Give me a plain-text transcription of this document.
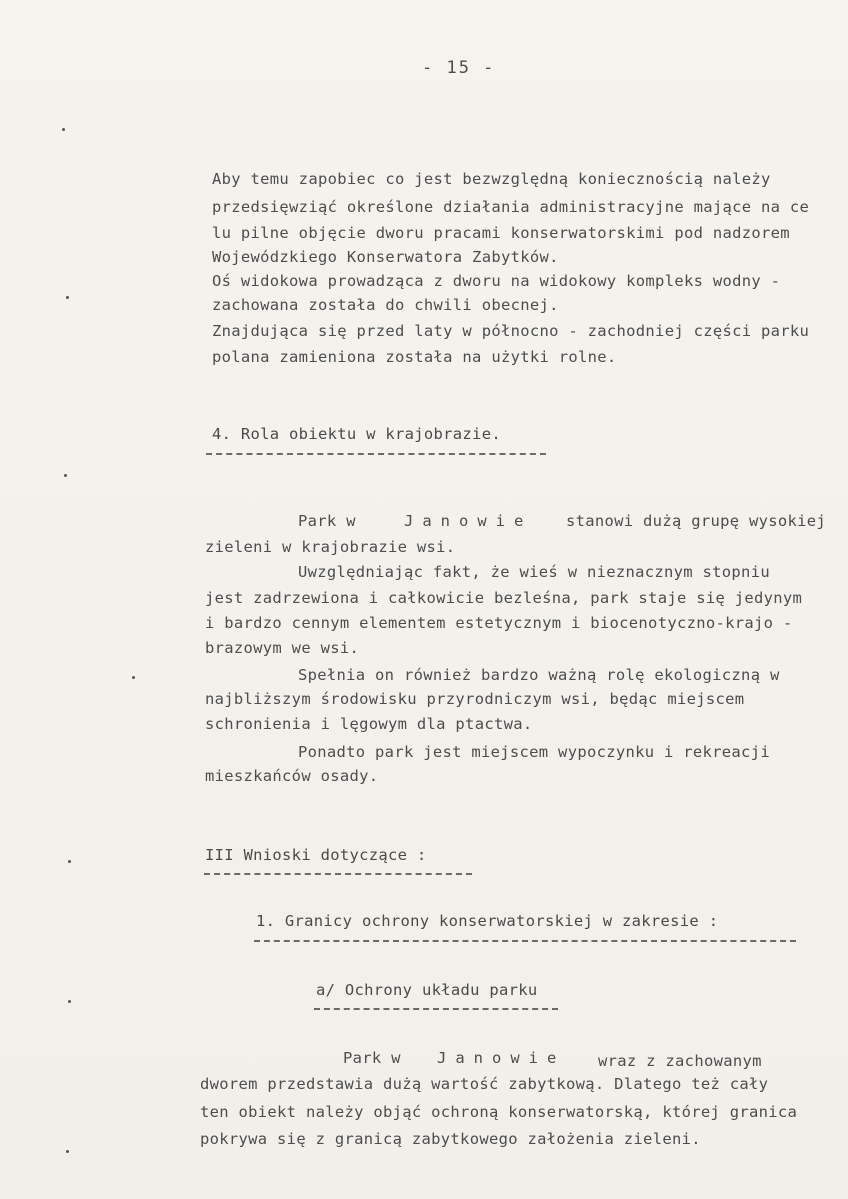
- 15 -
Aby temu zapobiec co jest bezwzględną koniecznością należy
przedsięwziąć określone działania administracyjne mające na ce
lu pilne objęcie dworu pracami konserwatorskimi pod nadzorem
Wojewódzkiego Konserwatora Zabytków.
Oś widokowa prowadząca z dworu na widokowy kompleks wodny -
zachowana została do chwili obecnej.
Znajdująca się przed laty w północno - zachodniej części parku
polana zamieniona została na użytki rolne.
4. Rola obiektu w krajobrazie.
Park w	Janowie stanowi dużą grupę wysokiej
zieleni w krajobrazie wsi.
Uwzględniając fakt, że wieś w nieznacznym stopniu
jest zadrzewiona i całkowicie bezleśna, park staje się jedynym
i bardzo cennym elementem estetycznym i biocenotyczno-krajo -
brazowym we wsi.
Spełnia on również bardzo ważną rolę ekologiczną w
najbliższym środowisku przyrodniczym wsi, będąc miejscem
schronienia i lęgowym dla ptactwa.
Ponadto park jest miejscem wypoczynku i rekreacji
mieszkańców osady.
III Wnioski dotyczące :
1. Granicy ochrony konserwatorskiej w zakresie :
a/ Ochrony układu parku
Park w Janowie wraz z zachowanym
dworem przedstawia dużą wartość zabytkową. Dlatego też cały
ten obiekt należy objąć ochroną konserwatorską, której granica
pokrywa się z granicą zabytkowego założenia zieleni.
